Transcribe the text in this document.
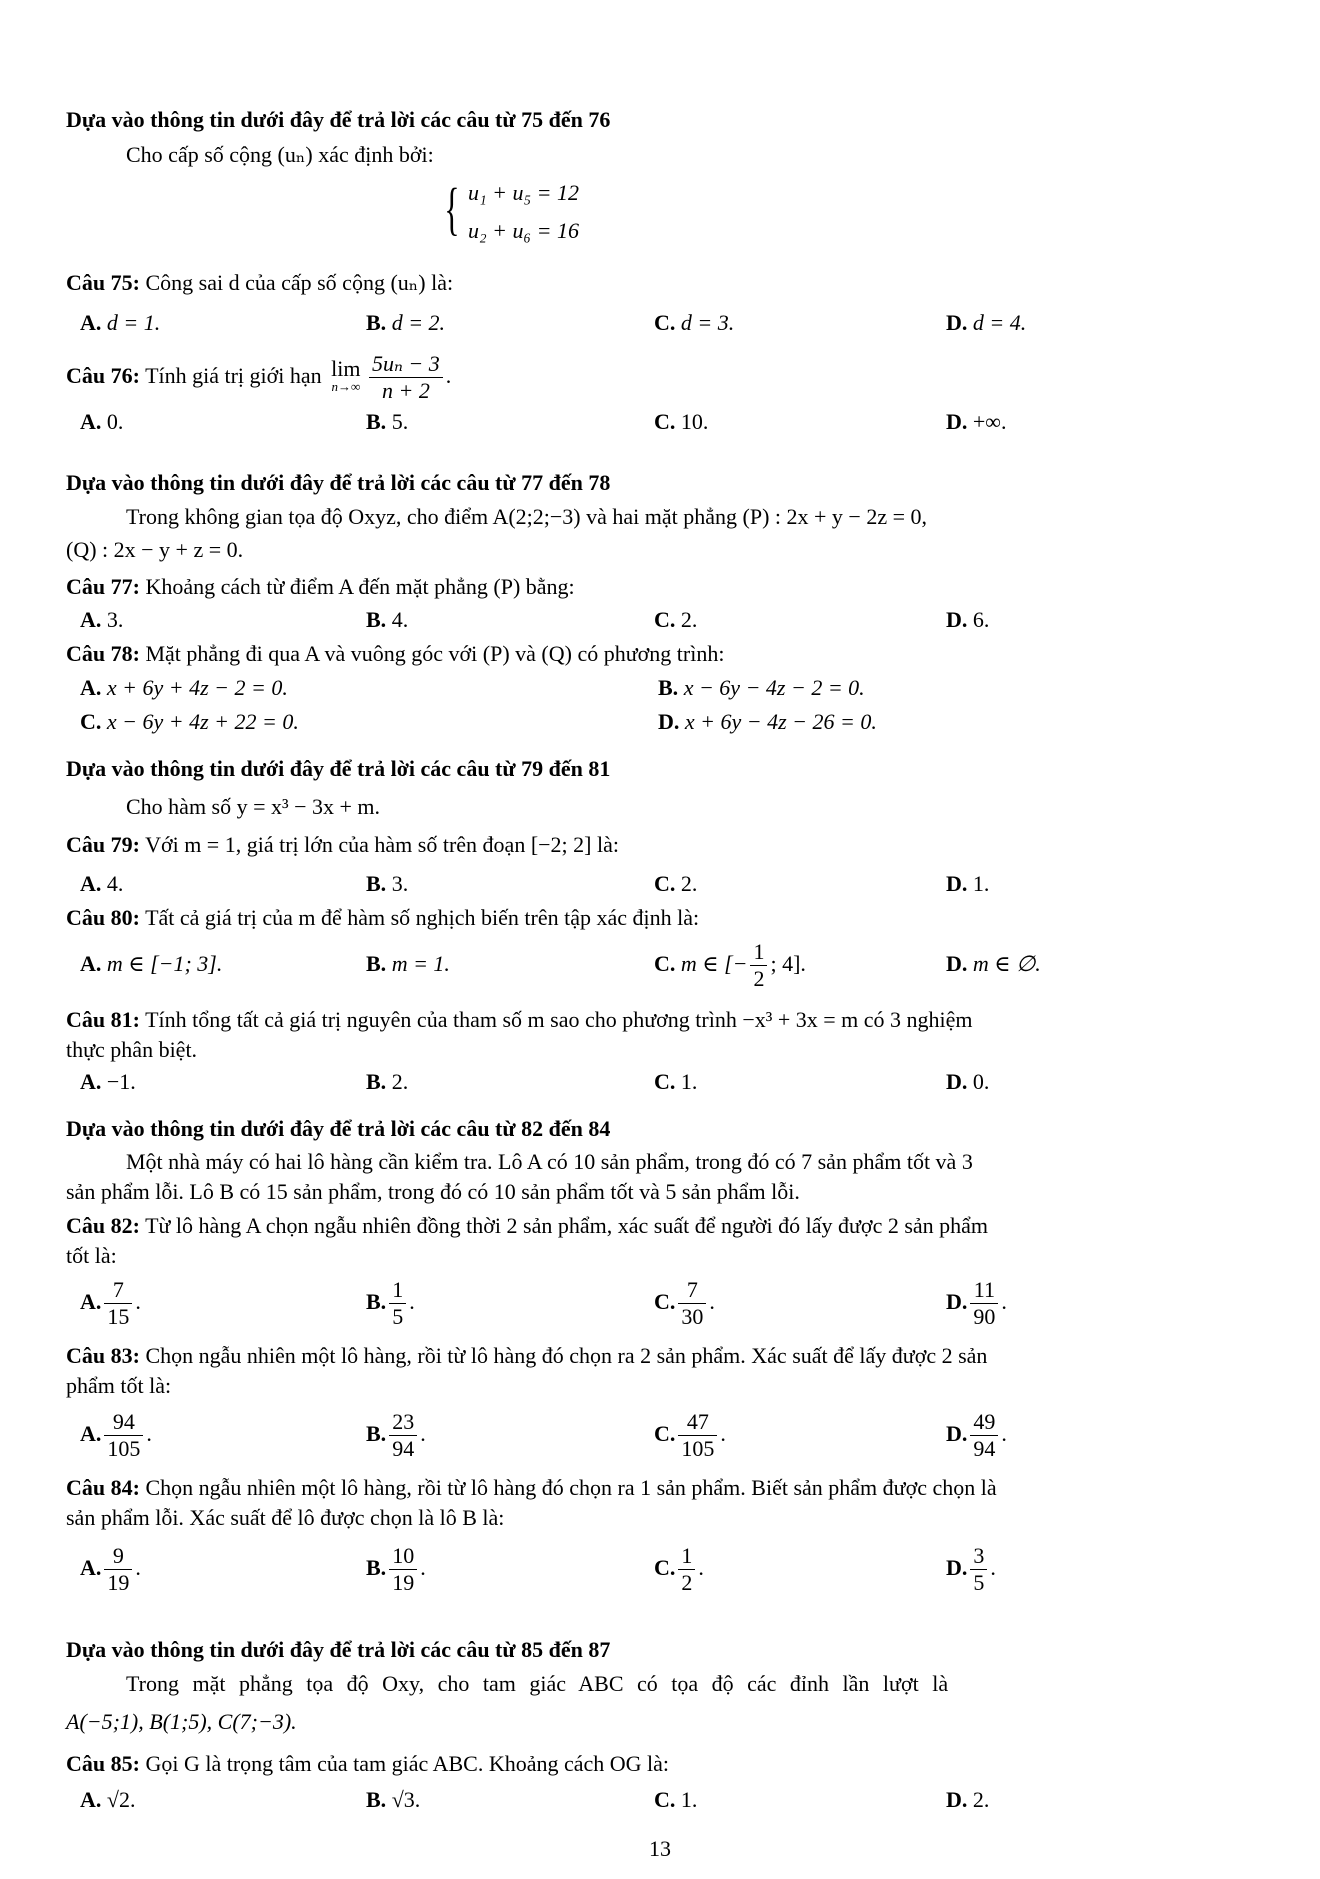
Dựa vào thông tin dưới đây để trả lời các câu từ 75 đến 76
Cho cấp số cộng (uₙ) xác định bởi:
{ u₁ + u₅ = 12
u₂ + u₆ = 16
Câu 75: Công sai d của cấp số cộng (uₙ) là:
A. d = 1.	B. d = 2.	C. d = 3.	D. d = 4.
Câu 76: Tính giá trị giới hạn lim
n→∞
$\frac{\text{5uₙ − 3}}{n + 2}$ .
A. 0.	B. 5.	C. 10.	D. +∞.
Dựa vào thông tin dưới đây để trả lời các câu từ 77 đến 78
Trong không gian tọa độ Oxyz, cho điểm A(2;2;−3) và hai mặt phẳng (P) : 2x + y − 2z = 0,
(Q) : 2x − y + z = 0.
Câu 77: Khoảng cách từ điểm A đến mặt phẳng (P) bằng:
A. 3.	B. 4.	C. 2.	D. 6.
Câu 78: Mặt phẳng đi qua A và vuông góc với (P) và (Q) có phương trình:
A. x + 6y + 4z − 2 = 0.	B. x − 6y − 4z − 2 = 0.
C. x − 6y + 4z + 22 = 0.	D. x + 6y − 4z − 26 = 0.
Dựa vào thông tin dưới đây để trả lời các câu từ 79 đến 81
Cho hàm số y = x³ − 3x + m.
Câu 79: Với m = 1, giá trị lớn của hàm số trên đoạn [−2; 2] là:
A. 4.	B. 3.	C. 2.	D. 1.
Câu 80: Tất cả giá trị của m để hàm số nghịch biến trên tập xác định là:
A. m ∈ [−1; 3].	B. m = 1.	C. m ∈ [− $\frac{1}{2}$ ; 4].	D. m ∈ ∅.
Câu 81: Tính tổng tất cả giá trị nguyên của tham số m sao cho phương trình −x³ + 3x = m có 3 nghiệm
thực phân biệt.
A. −1.	B. 2.	C. 1.	D. 0.
Dựa vào thông tin dưới đây để trả lời các câu từ 82 đến 84
Một nhà máy có hai lô hàng cần kiểm tra. Lô A có 10 sản phẩm, trong đó có 7 sản phẩm tốt và 3
sản phẩm lỗi. Lô B có 15 sản phẩm, trong đó có 10 sản phẩm tốt và 5 sản phẩm lỗi.
Câu 82: Từ lô hàng A chọn ngẫu nhiên đồng thời 2 sản phẩm, xác suất để người đó lấy được 2 sản phẩm
tốt là:
A. $\frac{7}{15}$ .	B. $\frac{1}{5}$ .	C. $\frac{7}{30}$ .	D. $\frac{11}{90}$ .
Câu 83: Chọn ngẫu nhiên một lô hàng, rồi từ lô hàng đó chọn ra 2 sản phẩm. Xác suất để lấy được 2 sản
phẩm tốt là:
A. $\frac{94}{105}$ .	B. $\frac{23}{94}$ .	C. $\frac{47}{105}$ .	D. $\frac{49}{94}$ .
Câu 84: Chọn ngẫu nhiên một lô hàng, rồi từ lô hàng đó chọn ra 1 sản phẩm. Biết sản phẩm được chọn là
sản phẩm lỗi. Xác suất để lô được chọn là lô B là:
A. $\frac{9}{19}$ .	B. $\frac{10}{19}$ .	C. $\frac{1}{2}$ .	D. $\frac{3}{5}$ .
Dựa vào thông tin dưới đây để trả lời các câu từ 85 đến 87
Trong mặt phẳng tọa độ Oxy, cho tam giác ABC có tọa độ các đỉnh lần lượt là
A(−5;1), B(1;5), C(7;−3).
Câu 85: Gọi G là trọng tâm của tam giác ABC. Khoảng cách OG là:
A. √2.	B. √3.	C. 1.	D. 2.
13
